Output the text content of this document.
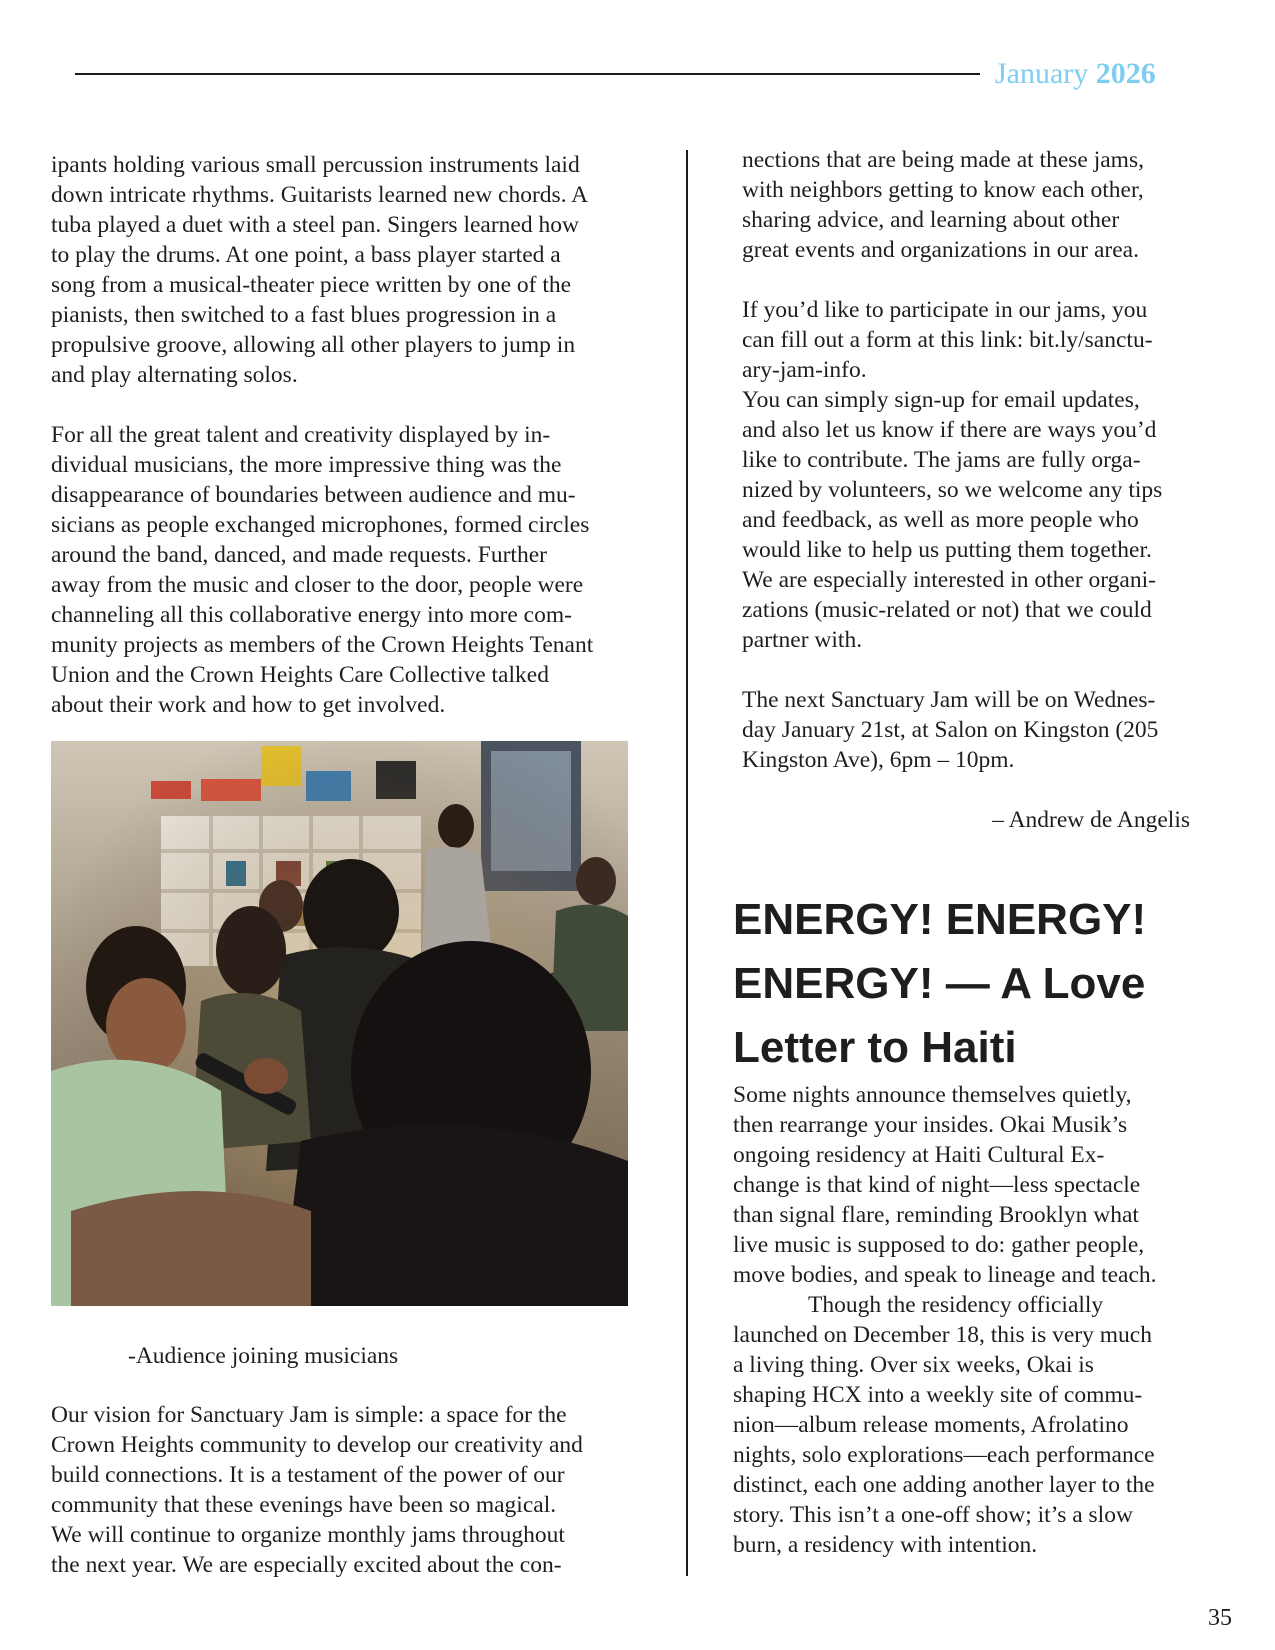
January 2026

ipants holding various small percussion instruments laid
down intricate rhythms. Guitarists learned new chords. A
tuba played a duet with a steel pan. Singers learned how
to play the drums. At one point, a bass player started a
song from a musical-theater piece written by one of the
pianists, then switched to a fast blues progression in a
propulsive groove, allowing all other players to jump in
and play alternating solos.

For all the great talent and creativity displayed by in-
dividual musicians, the more impressive thing was the
disappearance of boundaries between audience and mu-
sicians as people exchanged microphones, formed circles
around the band, danced, and made requests. Further
away from the music and closer to the door, people were
channeling all this collaborative energy into more com-
munity projects as members of the Crown Heights Tenant
Union and the Crown Heights Care Collective talked
about their work and how to get involved.

-Audience joining musicians

Our vision for Sanctuary Jam is simple: a space for the
Crown Heights community to develop our creativity and
build connections. It is a testament of the power of our
community that these evenings have been so magical.
We will continue to organize monthly jams throughout
the next year. We are especially excited about the con-

nections that are being made at these jams,
with neighbors getting to know each other,
sharing advice, and learning about other
great events and organizations in our area.

If you’d like to participate in our jams, you
can fill out a form at this link: bit.ly/sanctu-
ary-jam-info.
You can simply sign-up for email updates,
and also let us know if there are ways you’d
like to contribute. The jams are fully orga-
nized by volunteers, so we welcome any tips
and feedback, as well as more people who
would like to help us putting them together.
We are especially interested in other organi-
zations (music-related or not) that we could
partner with.

The next Sanctuary Jam will be on Wednes-
day January 21st, at Salon on Kingston (205
Kingston Ave), 6pm – 10pm.

– Andrew de Angelis

ENERGY! ENERGY!
ENERGY! — A Love
Letter to Haiti

Some nights announce themselves quietly,
then rearrange your insides. Okai Musik’s
ongoing residency at Haiti Cultural Ex-
change is that kind of night—less spectacle
than signal flare, reminding Brooklyn what
live music is supposed to do: gather people,
move bodies, and speak to lineage and teach.

Though the residency officially
launched on December 18, this is very much
a living thing. Over six weeks, Okai is
shaping HCX into a weekly site of commu-
nion—album release moments, Afrolatino
nights, solo explorations—each performance
distinct, each one adding another layer to the
story. This isn’t a one-off show; it’s a slow
burn, a residency with intention.

35
